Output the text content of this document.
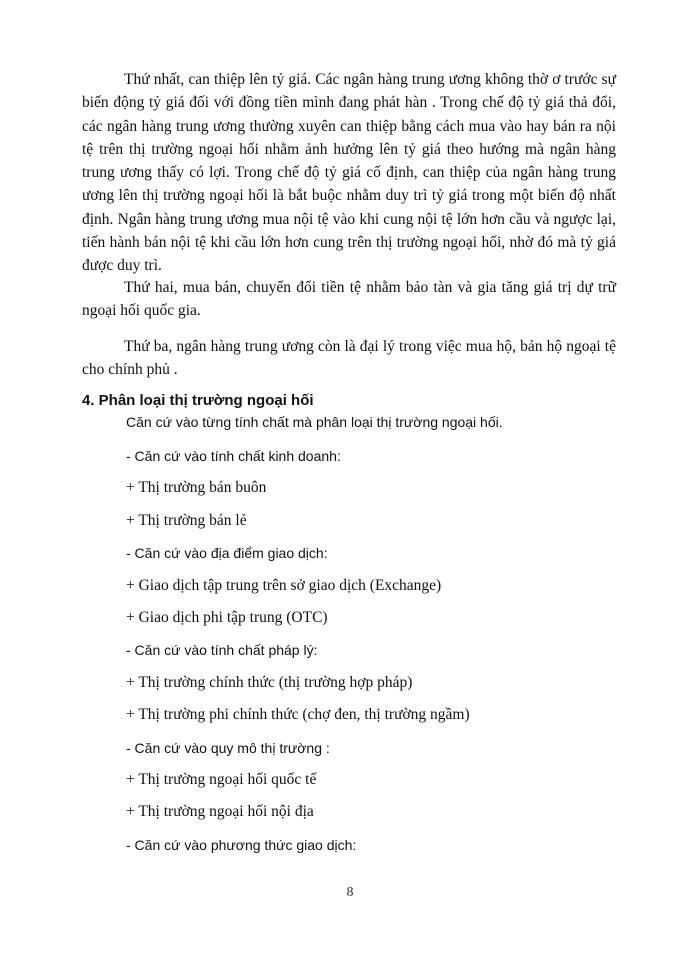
Thứ nhất, can thiệp lên tỷ giá. Các ngân hàng trung ương không thờ ơ trước sự biến động tỷ giá đối với đồng tiền mình đang phát hàn . Trong chế độ tỷ giá thả đổi, các ngân hàng trung ương thường xuyên can thiệp bằng cách mua vào hay bán ra nội tệ trên thị trường ngoại hối nhằm ảnh hưởng lên tỷ giá theo hướng mà ngân hàng trung ương thấy có lợi. Trong chế độ tỷ giá cố định, can thiệp của ngân hàng trung ương lên thị trường ngoại hối là bắt buộc nhằm duy trì tỷ giá trong một biến độ nhất định. Ngân hàng trung ương mua nội tệ vào khi cung nội tệ lớn hơn cầu và ngược lại, tiến hành bán nội tệ khi cầu lớn hơn cung trên thị trường ngoại hối, nhờ đó mà tỷ giá được duy trì.

Thứ hai, mua bán, chuyển đổi tiền tệ nhằm bảo tàn và gia tăng giá trị dự trữ ngoại hối quốc gia.

Thứ ba, ngân hàng trung ương còn là đại lý trong việc mua hộ, bản hộ ngoại tệ cho chính phủ .

4. Phân loại thị trường ngoại hối

Căn cứ vào từng tính chất mà phân loại thị trường ngoại hối.

- Căn cứ vào tính chất kinh doanh:
+ Thị trường bán buôn
+ Thị trường bán lẻ
- Căn cứ vào địa điểm giao dịch:
+ Giao dịch tập trung trên sở giao dịch (Exchange)
+ Giao dịch phi tập trung (OTC)
- Căn cứ vào tính chất pháp lý:
+ Thị trường chính thức (thị trường hợp pháp)
+ Thị trường phi chính thức (chợ đen, thị trường ngầm)
- Căn cứ vào quy mô thị trường :
+ Thị trường ngoại hối quốc tế
+ Thị trường ngoại hối nội địa
- Căn cứ vào phương thức giao dịch:
8
